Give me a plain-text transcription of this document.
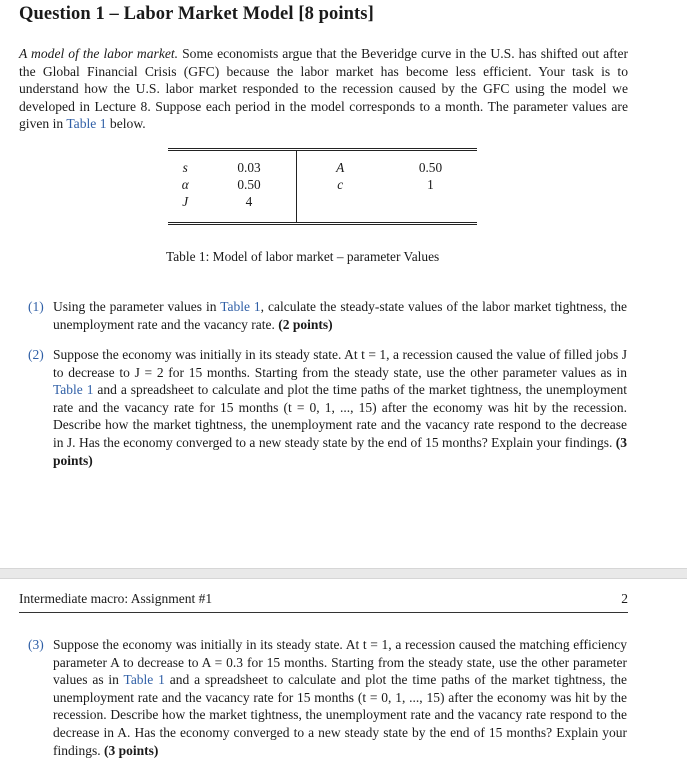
Question 1 – Labor Market Model [8 points]
A model of the labor market. Some economists argue that the Beveridge curve in the U.S. has shifted out after the Global Financial Crisis (GFC) because the labor market has become less efficient. Your task is to understand how the U.S. labor market responded to the recession caused by the GFC using the model we developed in Lecture 8. Suppose each period in the model corresponds to a month. The parameter values are given in Table 1 below.

s	0.03	A	0.50
α	0.50	c	1
J	4		

Table 1: Model of labor market – parameter Values
(1) Using the parameter values in Table 1, calculate the steady-state values of the labor market tightness, the unemployment rate and the vacancy rate. (2 points)
(2) Suppose the economy was initially in its steady state. At t = 1, a recession caused the value of filled jobs J to decrease to J = 2 for 15 months. Starting from the steady state, use the other parameter values as in Table 1 and a spreadsheet to calculate and plot the time paths of the market tightness, the unemployment rate and the vacancy rate for 15 months (t = 0, 1, ..., 15) after the economy was hit by the recession. Describe how the market tightness, the unemployment rate and the vacancy rate respond to the decrease in J. Has the economy converged to a new steady state by the end of 15 months? Explain your findings. (3 points)
Intermediate macro: Assignment #1	2
(3) Suppose the economy was initially in its steady state. At t = 1, a recession caused the matching efficiency parameter A to decrease to A = 0.3 for 15 months. Starting from the steady state, use the other parameter values as in Table 1 and a spreadsheet to calculate and plot the time paths of the market tightness, the unemployment rate and the vacancy rate for 15 months (t = 0, 1, ..., 15) after the economy was hit by the recession. Describe how the market tightness, the unemployment rate and the vacancy rate respond to the decrease in A. Has the economy converged to a new steady state by the end of 15 months? Explain your findings. (3 points)
